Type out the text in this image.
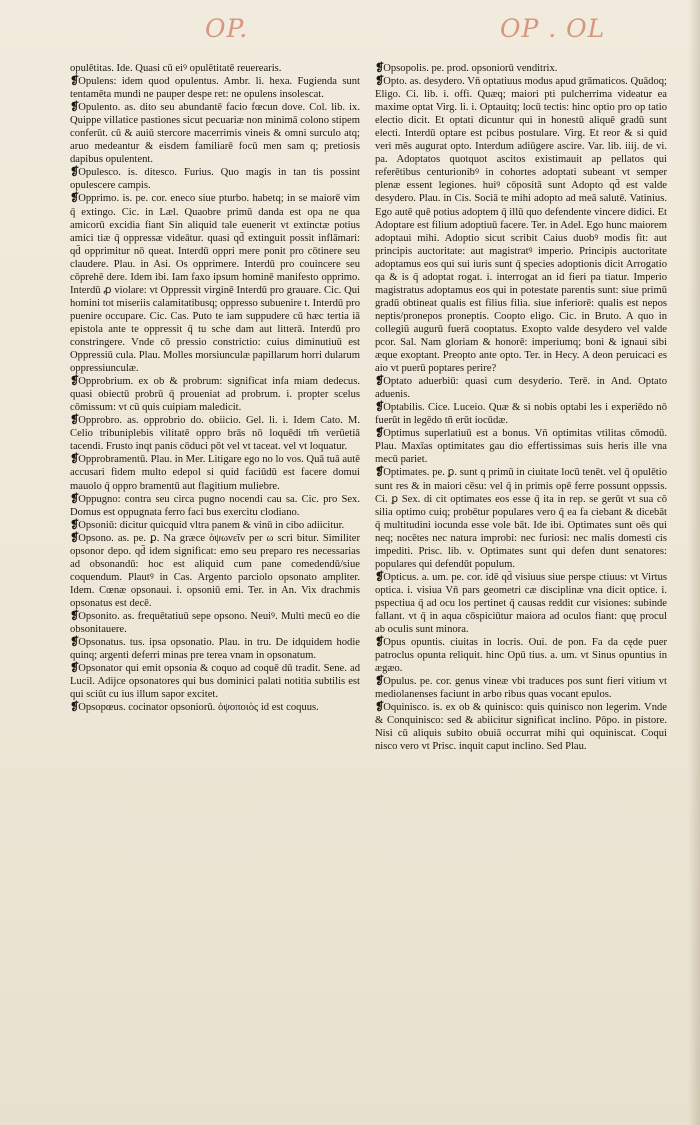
OP.	OP . OL

opulētitas. Ide. Quasi cū eiꝰ opulētitatē reuerearis.

❡Opulens: idem quod opulentus. Ambr. li. hexa. Fugienda sunt tentamēta mundi ne pauper despe ret: ne opulens insolescat.

❡Opulento. as. dito seu abundantē facio fœcun dove. Col. lib. ix. Quippe villatice pastiones sicut pecuariæ non minimā colono stipem conferūt. cū & auiū stercore macerrimis vineis & omni surculo atq; aruo medeantur & eisdem familiarē focū men sam q; pretiosis dapibus opulentent.

❡Opulesco. is. ditesco. Furius. Quo magis in tan tis possint opulescere campis.

❡Opprimo. is. pe. cor. eneco siue pturbo. habetq; in se maiorē vim q̄ extingo. Cic. in Læl. Quaobre primū danda est opa ne qua amicorū excidia fiant Sin aliquid tale euenerit vt extinctæ potius amici tiæ q̄ oppressæ videātur. quasi qd̄ extinguit possit inflāmari: qd̄ opprimitur nō queat. Interdū oppri mere ponit pro cōtinere seu claudere. Plau. in Asi. Os opprimere. Interdū pro couincere seu cōprehē dere. Idem ibi. Iam faxo ipsum hominē manifesto opprimo. Interdū ꝓ violare: vt Oppressit virginē Interdū pro grauare. Cic. Qui homini tot miseriis calamitatibusq; oppresso subuenire t. Interdū pro puenire occupare. Cic. Cas. Puto te iam suppudere cū hæc tertia iā epistola ante te oppressit q̄ tu sche dam aut litterā. Interdū pro constringere. Vnde cō pressio constrictio: cuius diminutiuū est Oppressiū cula. Plau. Molles morsiunculæ papillarum horri dularum oppressiunculæ.

❡Opprobrium. ex ob & probrum: significat infa miam dedecus. quasi obiectū probrū q̄ proueniat ad probrum. i. propter scelus cōmissum: vt cū quis cuipiam maledicit.

❡Opprobro. as. opprobrio do. obiicio. Gel. li. i. Idem Cato. M. Celio tribuniplebis vilitatē oppro brās nō loquēdi tm̄ verūetiā tacendi. Frusto inqt panis cōduci pōt vel vt taceat. vel vt loquatur.

❡Opprobramentū. Plau. in Mer. Litigare ego no lo vos. Quā tuā autē accusari fidem multo edepol si quid faciūdū est facere domui mauolo q̄ oppro bramentū aut flagitium muliebre.

❡Oppugno: contra seu circa pugno nocendi cau sa. Cic. pro Sex. Domus est oppugnata ferro faci bus exercitu clodiano.

❡Opsoniū: dicitur quicquid vltra panem & vinū in cibo adiicitur.

❡Opsono. as. pe. ꝑ. Na græce ὀψωνεῖν per ω scri bitur. Similiter opsonor depo. qd̄ idem significat: emo seu preparo res necessarias ad obsonandū: hoc est aliquid cum pane comedendū/siue coquendum. Plautꝰ in Cas. Argento parciolo opsonato ampliter. Idem. Cœnæ opsonaui. i. opsoniū emi. Ter. in An. Vix drachmis opsonatus est decē.

❡Opsonito. as. frequētatiuū sepe opsono. Neuiꝰ. Multi mecū eo die obsonitauere.

❡Opsonatus. tus. ipsa opsonatio. Plau. in tru. De idquidem hodie quinq; argenti deferri minas pre terea vnam in opsonatum.

❡Opsonator qui emit opsonia & coquo ad coquē dū tradit. Sene. ad Lucil. Adijce opsonatores qui bus dominici palati notitia subtilis est qui sciūt cu ius illum sapor excitet.

❡Opsopœus. cocinator opsoniorū. ὀψοποιὸς id est coquus.

❡Opsopolis. pe. prod. opsoniorū venditrix.

❡Opto. as. desydero. Vn̄ optatiuus modus apud grāmaticos. Quādoq; Eligo. Ci. lib. i. offi. Quæq; maiori pti pulcherrima videatur ea maxime optat Virg. li. i. Optauitq; locū tectis: hinc optio pro op tatio electio dicit. Et optati dicuntur qui in honestū aliquē gradū sunt electi. Interdū optare est pcibus postulare. Virg. Et reor & si quid veri mēs augurat opto. Interdum adiūgere ascire. Var. lib. iiij. de vi. pa. Adoptatos quotquot ascitos existimauit ap pellatos qui referētibus centurionibꝰ in cohortes adoptati subeant vt semper plenæ essent legiones. huiꝰ cōpositā sunt Adopto qd̄ est valde desydero. Plau. in Cis. Sociā te mihi adopto ad meā salutē. Vatinius. Ego autē quē potius adoptem q̄ illū quo defendente vincere didici. Et Adoptare est filium adoptiuū facere. Ter. in Adel. Ego hunc maiorem adoptaui mihi. Adoptio sicut scribit Caius duobꝰ modis fit: aut principis auctoritate: aut magistratꝰ imperio. Principis auctoritate adoptamus eos qui sui iuris sunt q̄ species adoptionis dicit Arrogatio qa & is q̄ adoptat rogat. i. interrogat an id fieri pa tiatur. Imperio magistratus adoptamus eos qui in potestate parentis sunt: siue primū gradū obtineat qualis est filius filia. siue inferiorē: qualis est nepos neptis/pronepos proneptis. Coopto eligo. Cic. in Bruto. A quo in collegiū augurū fuerā cooptatus. Exopto valde desydero vel valde pcor. Sal. Nam gloriam & honorē: imperiumq; boni & ignaui sibi æque exoptant. Preopto ante opto. Ter. in Hecy. A deon peruicaci es aio vt puerū poptares perire?

❡Optato aduerbiū: quasi cum desyderio. Terē. in And. Optato aduenis.

❡Optabilis. Cice. Luceio. Quæ & si nobis optabi les i experiēdo nō fuerūt in legēdo tñ erūt iocūdæ.

❡Optimus superlatiuū est a bonus. Vn̄ optimitas vtilitas cōmodū. Plau. Maxīas optimitates gau dio effertissimas suis heris ille vna mecū pariet.

❡Optimates. pe. ꝑ. sunt q primū in ciuitate locū tenēt. vel q̄ opulētio sunt res & in maiori cēsu: vel q̄ in primis opē ferre possunt oppssis. Ci. ꝑ Sex. di cit optimates eos esse q̄ ita in rep. se gerūt vt sua cō silia optimo cuiq; probētur populares vero q̄ ea fa ciebant & dicebāt q̄ multitudini iocunda esse vole bāt. Ide ibi. Optimates sunt oēs qui neq; nocētes nec natura improbi: nec furiosi: nec malis domesti cis impediti. Prisc. lib. v. Optimates sunt qui defen dunt senatores: populares qui defendūt populum.

❡Opticus. a. um. pe. cor. idē qd̄ visiuus siue perspe ctiuus: vt Virtus optica. i. visiua Vn̄ pars geometri cæ disciplinæ vna dicit optice. i. pspectiua q̄ ad ocu los pertinet q̄ causas reddit cur visiones: subinde fallant. vt q̄ in aqua cōspiciūtur maiora ad oculos fiant: quę procul ab oculis sunt minora.

❡Opus opuntis. ciuitas in locris. Oui. de pon. Fa da cęde puer patroclus opunta reliquit. hinc Opū tius. a. um. vt Sinus opuntius in ægæo.

❡Opulus. pe. cor. genus vineæ vbi traduces pos sunt fieri vitium vt mediolanenses faciunt in arbo ribus quas vocant epulos.

❡Oquinisco. is. ex ob & quinisco: quis quinisco non legerim. Vnde & Conquinisco: sed & abiicitur significat inclino. Pōpo. in pistore. Nisi cū aliquis subito obuiā occurrat mihi qui oquiniscat. Coqui nisco vero vt Prisc. inquit caput inclino. Sed Plau.
